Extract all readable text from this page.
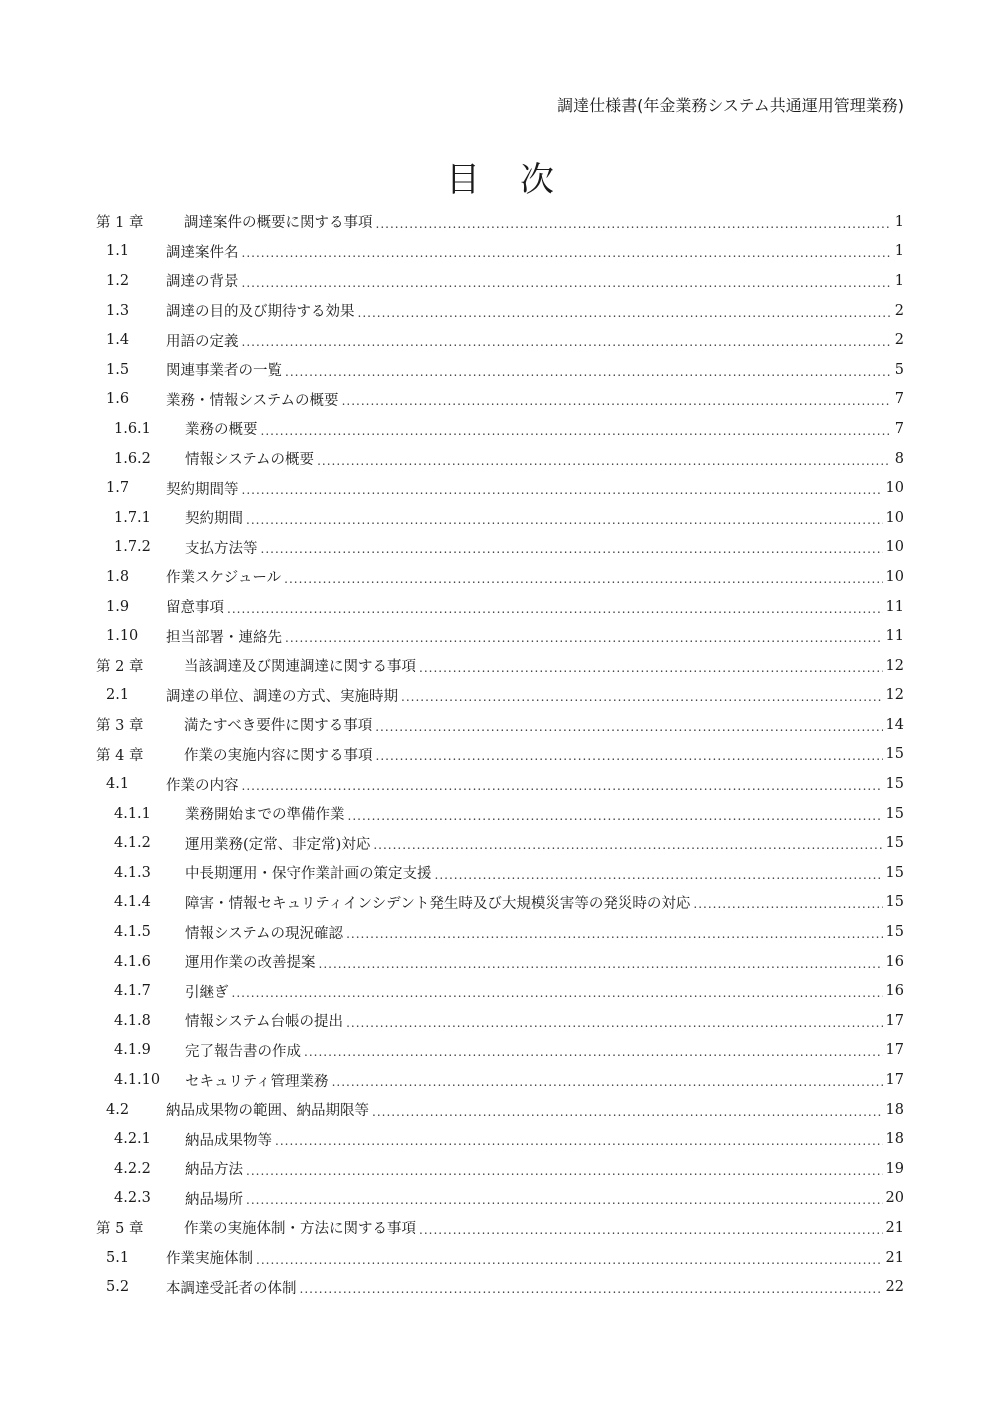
調達仕様書(年金業務システム共通運用管理業務)
目次
第 1 章	調達案件の概要に関する事項 .....	1
1.1	調達案件名 .....	1
1.2	調達の背景 .....	1
1.3	調達の目的及び期待する効果 .....	2
1.4	用語の定義 .....	2
1.5	関連事業者の一覧 .....	5
1.6	業務・情報システムの概要 .....	7
1.6.1	業務の概要 .....	7
1.6.2	情報システムの概要 .....	8
1.7	契約期間等 .....	10
1.7.1	契約期間 .....	10
1.7.2	支払方法等 .....	10
1.8	作業スケジュール .....	10
1.9	留意事項 .....	11
1.10	担当部署・連絡先 .....	11
第 2 章	当該調達及び関連調達に関する事項 .....	12
2.1	調達の単位、調達の方式、実施時期 .....	12
第 3 章	満たすべき要件に関する事項 .....	14
第 4 章	作業の実施内容に関する事項 .....	15
4.1	作業の内容 .....	15
4.1.1	業務開始までの準備作業 .....	15
4.1.2	運用業務(定常、非定常)対応 .....	15
4.1.3	中長期運用・保守作業計画の策定支援 .....	15
4.1.4	障害・情報セキュリティインシデント発生時及び大規模災害等の発災時の対応 .....	15
4.1.5	情報システムの現況確認 .....	15
4.1.6	運用作業の改善提案 .....	16
4.1.7	引継ぎ .....	16
4.1.8	情報システム台帳の提出 .....	17
4.1.9	完了報告書の作成 .....	17
4.1.10	セキュリティ管理業務 .....	17
4.2	納品成果物の範囲、納品期限等 .....	18
4.2.1	納品成果物等 .....	18
4.2.2	納品方法 .....	19
4.2.3	納品場所 .....	20
第 5 章	作業の実施体制・方法に関する事項 .....	21
5.1	作業実施体制 .....	21
5.2	本調達受託者の体制 .....	22
